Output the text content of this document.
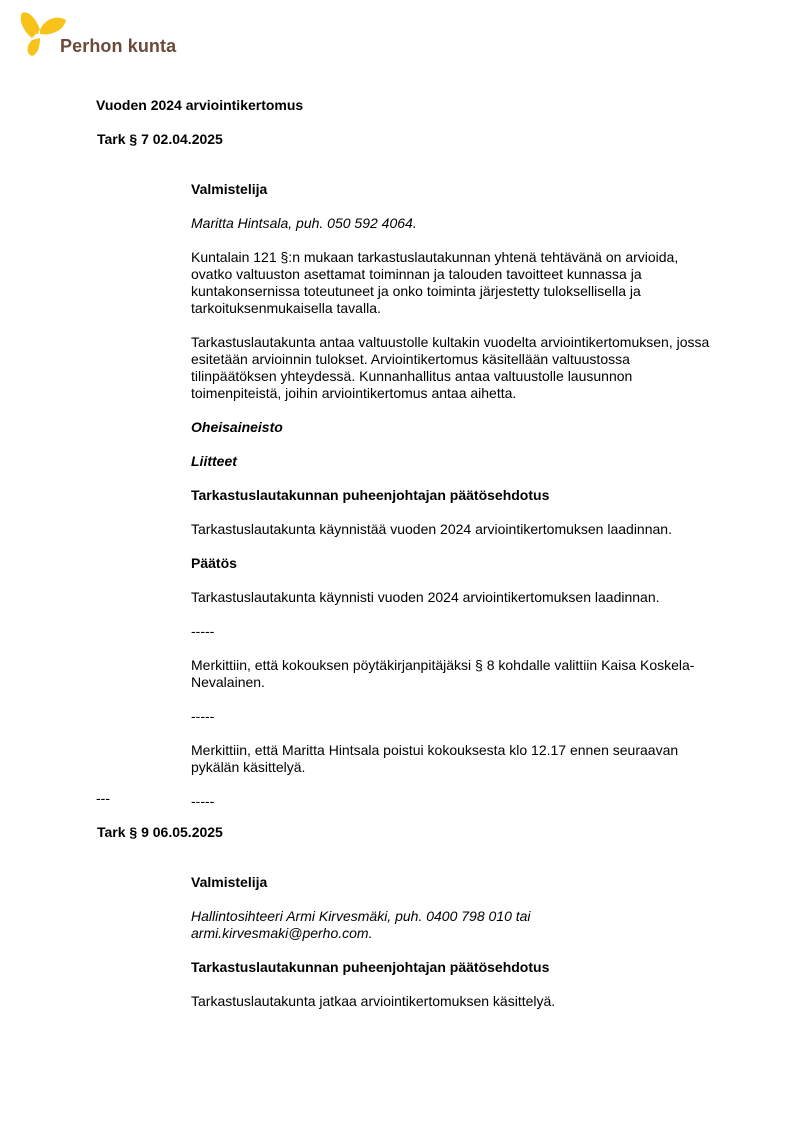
Perhon kunta
Vuoden 2024 arviointikertomus
Tark § 7 02.04.2025

Valmistelija

Maritta Hintsala, puh. 050 592 4064.

Kuntalain 121 §:n mukaan tarkastuslautakunnan yhtenä tehtävänä on arvioida, ovatko valtuuston asettamat toiminnan ja talouden tavoitteet kunnassa ja kuntakonsernissa toteutuneet ja onko toiminta järjestetty tuloksellisella ja tarkoituksenmukaisella tavalla.

Tarkastuslautakunta antaa valtuustolle kultakin vuodelta arviointikertomuksen, jossa esitetään arvioinnin tulokset. Arviointikertomus käsitellään valtuustossa tilinpäätöksen yhteydessä. Kunnanhallitus antaa valtuustolle lausunnon toimenpiteistä, joihin arviointikertomus antaa aihetta.

Oheisaineisto

Liitteet

Tarkastuslautakunnan puheenjohtajan päätösehdotus

Tarkastuslautakunta käynnistää vuoden 2024 arviointikertomuksen laadinnan.

Päätös

Tarkastuslautakunta käynnisti vuoden 2024 arviointikertomuksen laadinnan.

-----

Merkittiin, että kokouksen pöytäkirjanpitäjäksi § 8 kohdalle valittiin Kaisa Koskela-Nevalainen.

-----

Merkittiin, että Maritta Hintsala poistui kokouksesta klo 12.17 ennen seuraavan pykälän käsittelyä.

-----

---
Tark § 9 06.05.2025

Valmistelija

Hallintosihteeri Armi Kirvesmäki, puh. 0400 798 010 tai armi.kirvesmaki@perho.com.

Tarkastuslautakunnan puheenjohtajan päätösehdotus

Tarkastuslautakunta jatkaa arviointikertomuksen käsittelyä.
